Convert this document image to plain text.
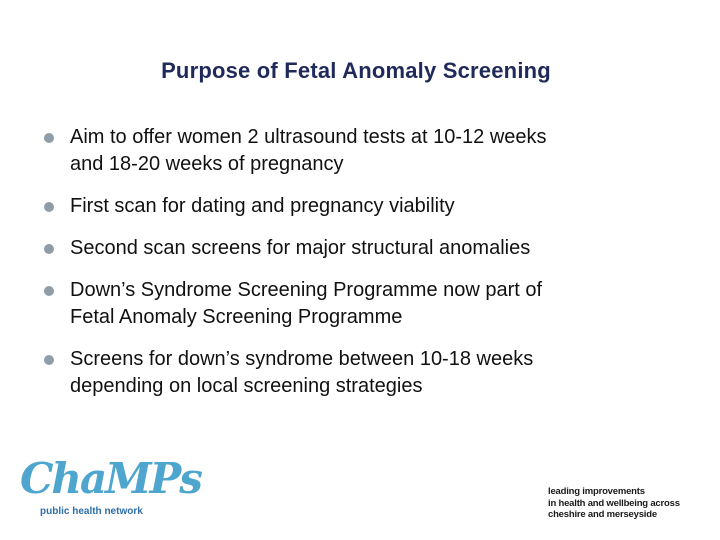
Purpose of Fetal Anomaly Screening
Aim to offer women 2 ultrasound tests at 10-12 weeks
and 18-20 weeks of pregnancy
First scan for dating and pregnancy viability
Second scan screens for major structural anomalies
Down’s Syndrome Screening Programme now part of
Fetal Anomaly Screening Programme
Screens for down’s syndrome between 10-18 weeks
depending on local screening strategies
ChaMPs
public health network
leading improvements
in health and wellbeing across
cheshire and merseyside
